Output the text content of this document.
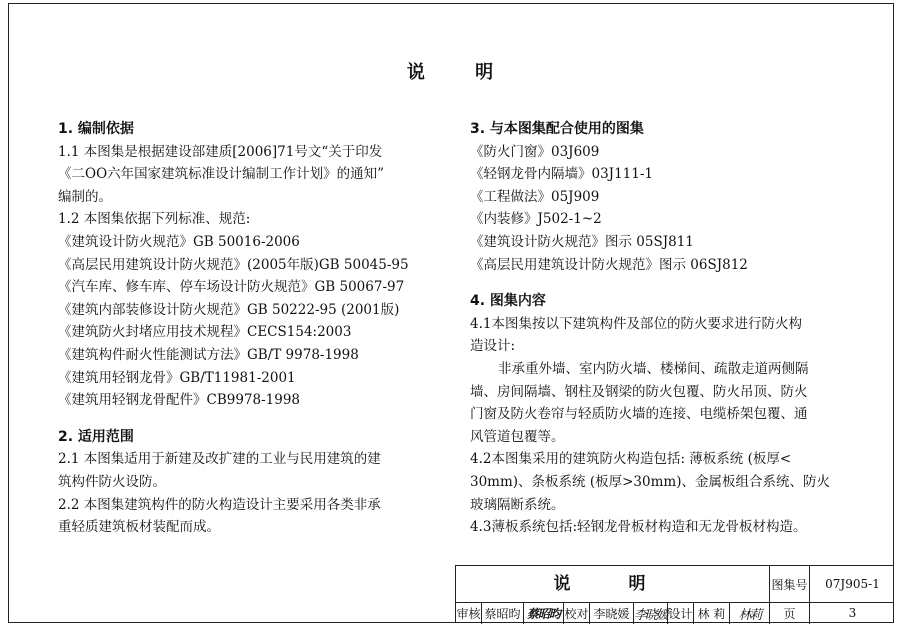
说 明
1. 编制依据
1.1 本图集是根据建设部建质[2006]71号文“关于印发
《二OO六年国家建筑标准设计编制工作计划》的通知”
编制的。
1.2 本图集依据下列标准、规范:
《建筑设计防火规范》GB 50016-2006
《高层民用建筑设计防火规范》(2005年版)GB 50045-95
《汽车库、修车库、停车场设计防火规范》GB 50067-97
《建筑内部装修设计防火规范》GB 50222-95 (2001版)
《建筑防火封堵应用技术规程》CECS154:2003
《建筑构件耐火性能测试方法》GB/T 9978-1998
《建筑用轻钢龙骨》GB/T11981-2001
《建筑用轻钢龙骨配件》CB9978-1998
2. 适用范围
2.1 本图集适用于新建及改扩建的工业与民用建筑的建
筑构件防火设防。
2.2 本图集建筑构件的防火构造设计主要采用各类非承
重轻质建筑板材装配而成。
3. 与本图集配合使用的图集
《防火门窗》03J609
《轻钢龙骨内隔墙》03J111-1
《工程做法》05J909
《内装修》J502-1~2
《建筑设计防火规范》图示 05SJ811
《高层民用建筑设计防火规范》图示 06SJ812
4. 图集内容
4.1本图集按以下建筑构件及部位的防火要求进行防火构
造设计:
非承重外墙、室内防火墙、楼梯间、疏散走道两侧隔
墙、房间隔墙、钢柱及钢梁的防火包覆、防火吊顶、防火
门窗及防火卷帘与轻质防火墙的连接、电缆桥架包覆、通
风管道包覆等。
4.2本图集采用的建筑防火构造包括: 薄板系统 (板厚<
30mm)、条板系统 (板厚>30mm)、金属板组合系统、防火
玻璃隔断系统。
4.3薄板系统包括:轻钢龙骨板材构造和无龙骨板材构造。
说 明	图集号	07J905-1
审核 蔡昭昀 蔡昭昀 校对 李晓媛 李晓媛 设计 林 莉	林莉	页	3
